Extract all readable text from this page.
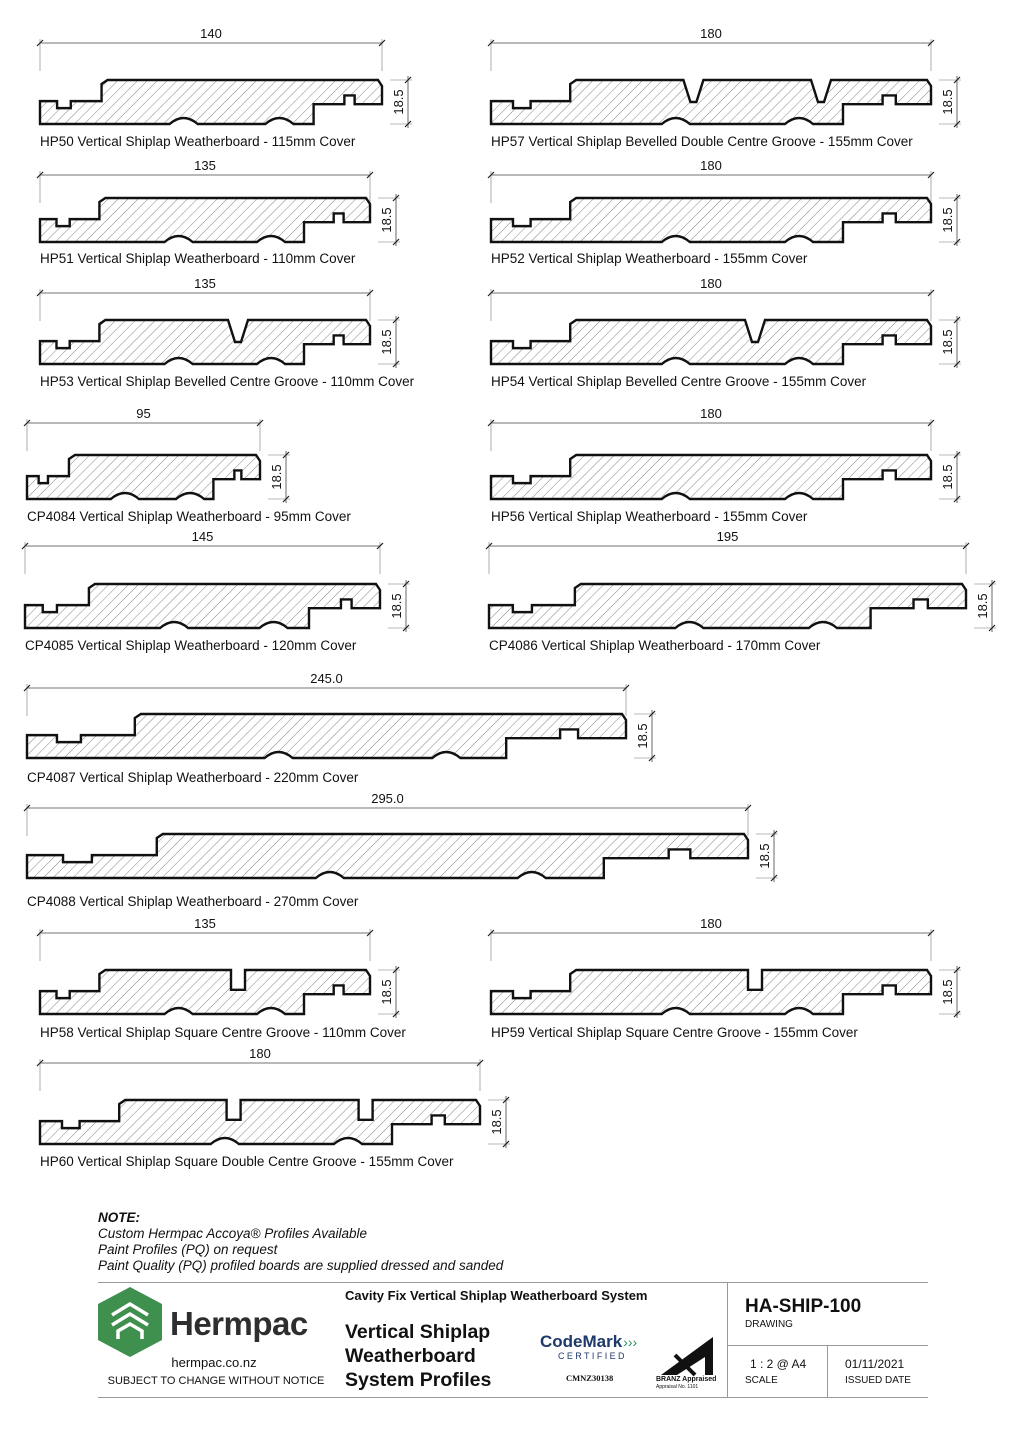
140
18.5
HP50 Vertical Shiplap Weatherboard - 115mm Cover
180
18.5
HP57 Vertical Shiplap Bevelled Double Centre Groove - 155mm Cover
135
18.5
HP51 Vertical Shiplap Weatherboard - 110mm Cover
180
18.5
HP52 Vertical Shiplap Weatherboard - 155mm Cover
135
18.5
HP53 Vertical Shiplap Bevelled Centre Groove - 110mm Cover
180
18.5
HP54 Vertical Shiplap Bevelled Centre Groove - 155mm Cover
95
18.5
CP4084 Vertical Shiplap Weatherboard - 95mm Cover
180
18.5
HP56 Vertical Shiplap Weatherboard - 155mm Cover
145
18.5
CP4085 Vertical Shiplap Weatherboard - 120mm Cover
195
18.5
CP4086 Vertical Shiplap Weatherboard - 170mm Cover
245.0
18.5
CP4087 Vertical Shiplap Weatherboard - 220mm Cover
295.0
18.5
CP4088 Vertical Shiplap Weatherboard - 270mm Cover
135
18.5
HP58 Vertical Shiplap Square Centre Groove - 110mm Cover
180
18.5
HP59 Vertical Shiplap Square Centre Groove - 155mm Cover
180
18.5
HP60 Vertical Shiplap Square Double Centre Groove - 155mm Cover
NOTE:
Custom Hermpac Accoya® Profiles Available
Paint Profiles (PQ) on request
Paint Quality (PQ) profiled boards are supplied dressed and sanded
Hermpac
hermpac.co.nz
SUBJECT TO CHANGE WITHOUT NOTICE
Cavity Fix Vertical Shiplap Weatherboard System
Vertical Shiplap
Weatherboard
System Profiles
CodeMark›››
CERTIFIED
CMNZ30138	BRANZ Appraised
Appraisal No. 1101
HA-SHIP-100
DRAWING
1 : 2 @ A4
SCALE
01/11/2021
ISSUED DATE
